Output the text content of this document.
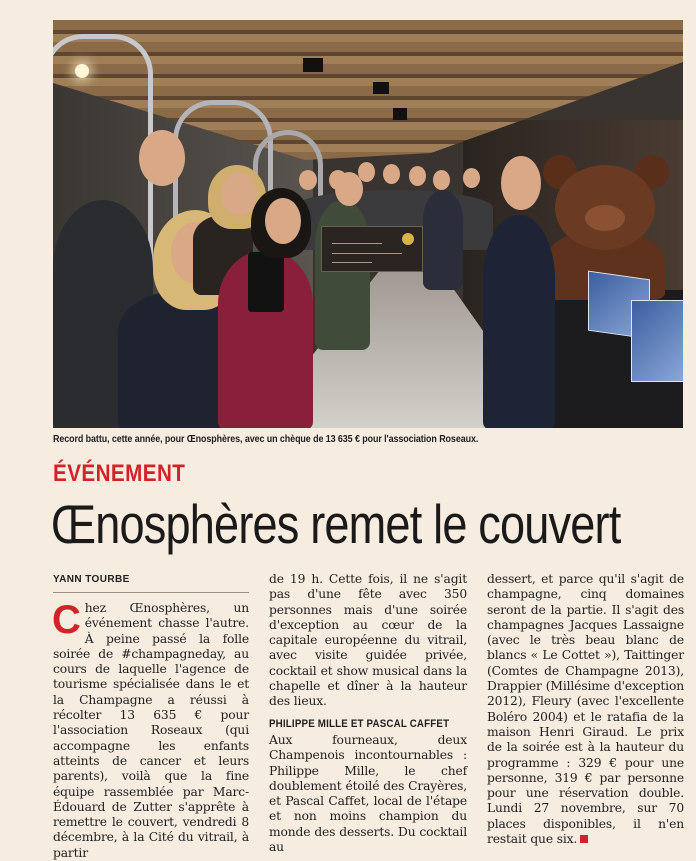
Record battu, cette année, pour Œnosphères, avec un chèque de 13 635 € pour l'association Roseaux.
ÉVÉNEMENT
Œnosphères remet le couvert
YANN TOURBE

Chez Œnosphères, un événement chasse l'autre. À peine passé la folle soirée de #champagneday, au cours de laquelle l'agence de tourisme spécialisée dans le et la Champagne a réussi à récolter 13 635 € pour l'association Roseaux (qui accompagne les enfants atteints de cancer et leurs parents), voilà que la fine équipe rassemblée par Marc-Édouard de Zutter s'apprête à remettre le couvert, vendredi 8 décembre, à la Cité du vitrail, à partir

de 19 h. Cette fois, il ne s'agit pas d'une fête avec 350 personnes mais d'une soirée d'exception au cœur de la capitale européenne du vitrail, avec visite guidée privée, cocktail et show musical dans la chapelle et dîner à la hauteur des lieux.

PHILIPPE MILLE ET PASCAL CAFFET

Aux fourneaux, deux Champenois incontournables : Philippe Mille, le chef doublement étoilé des Crayères, et Pascal Caffet, local de l'étape et non moins champion du monde des desserts. Du cocktail au

dessert, et parce qu'il s'agit de champagne, cinq domaines seront de la partie. Il s'agit des champagnes Jacques Lassaigne (avec le très beau blanc de blancs « Le Cottet »), Taittinger (Comtes de Champagne 2013), Drappier (Millésime d'exception 2012), Fleury (avec l'excellente Boléro 2004) et le ratafia de la maison Henri Giraud. Le prix de la soirée est à la hauteur du programme : 329 € pour une personne, 319 € par personne pour une réservation double. Lundi 27 novembre, sur 70 places disponibles, il n'en restait que six.
